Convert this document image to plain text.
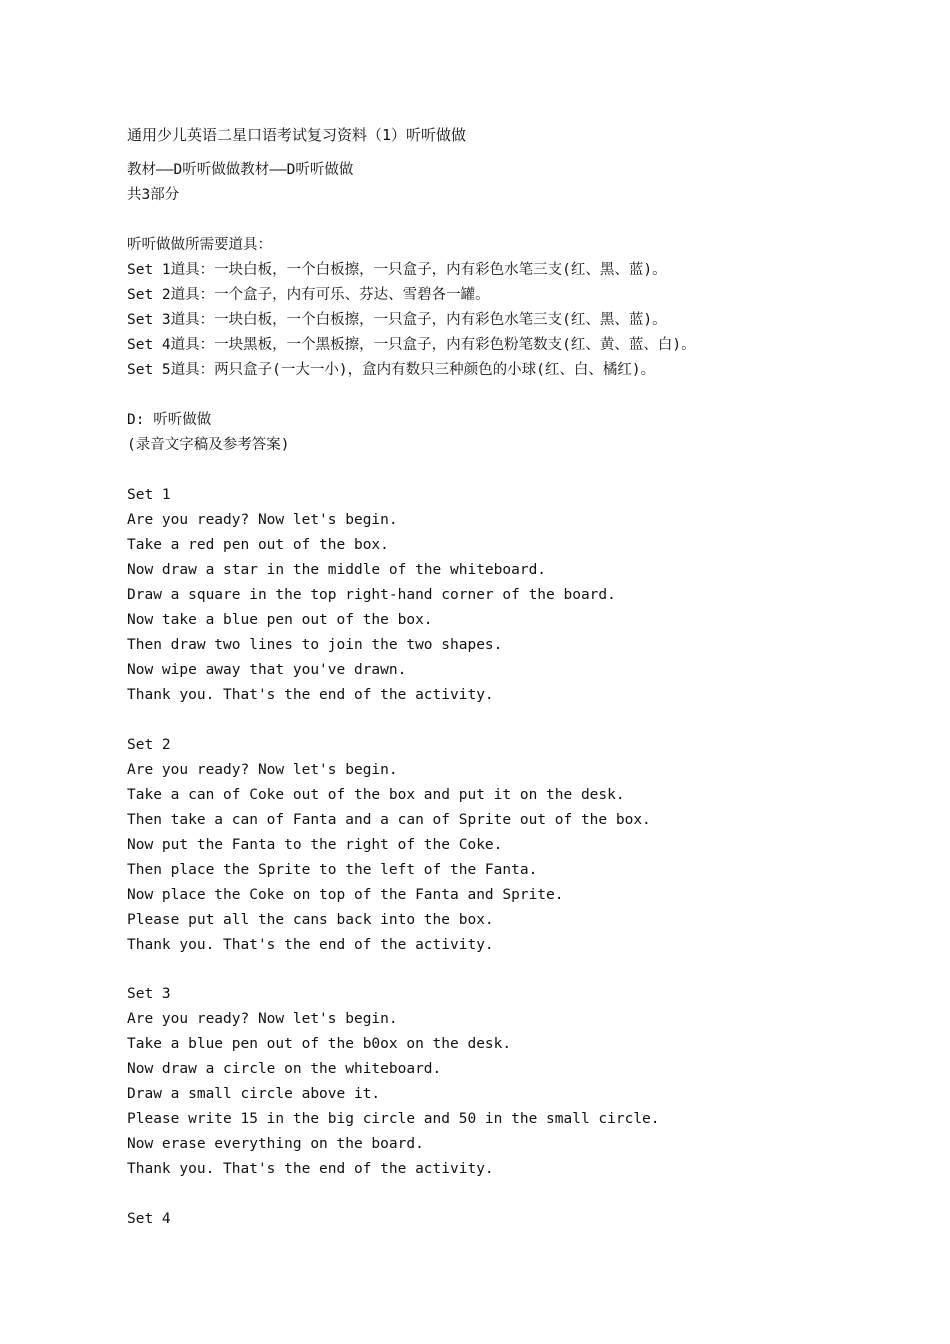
通用少儿英语二星口语考试复习资料（1）听听做做
教材——D听听做做教材——D听听做做
共3部分
听听做做所需要道具：
Set 1道具：一块白板，一个白板擦，一只盒子，内有彩色水笔三支(红、黑、蓝)。
Set 2道具：一个盒子，内有可乐、芬达、雪碧各一罐。
Set 3道具：一块白板，一个白板擦，一只盒子，内有彩色水笔三支(红、黑、蓝)。
Set 4道具：一块黑板，一个黑板擦，一只盒子，内有彩色粉笔数支(红、黄、蓝、白)。
Set 5道具：两只盒子(一大一小)，盒内有数只三种颜色的小球(红、白、橘红)。
D: 听听做做
(录音文字稿及参考答案)
Set 1
Are you ready? Now let's begin.
Take a red pen out of the box.
Now draw a star in the middle of the whiteboard.
Draw a square in the top right-hand corner of the board.
Now take a blue pen out of the box.
Then draw two lines to join the two shapes.
Now wipe away that you've drawn.
Thank you. That's the end of the activity.
Set 2
Are you ready? Now let's begin.
Take a can of Coke out of the box and put it on the desk.
Then take a can of Fanta and a can of Sprite out of the box.
Now put the Fanta to the right of the Coke.
Then place the Sprite to the left of the Fanta.
Now place the Coke on top of the Fanta and Sprite.
Please put all the cans back into the box.
Thank you. That's the end of the activity.
Set 3
Are you ready? Now let's begin.
Take a blue pen out of the b0ox on the desk.
Now draw a circle on the whiteboard.
Draw a small circle above it.
Please write 15 in the big circle and 50 in the small circle.
Now erase everything on the board.
Thank you. That's the end of the activity.
Set 4
